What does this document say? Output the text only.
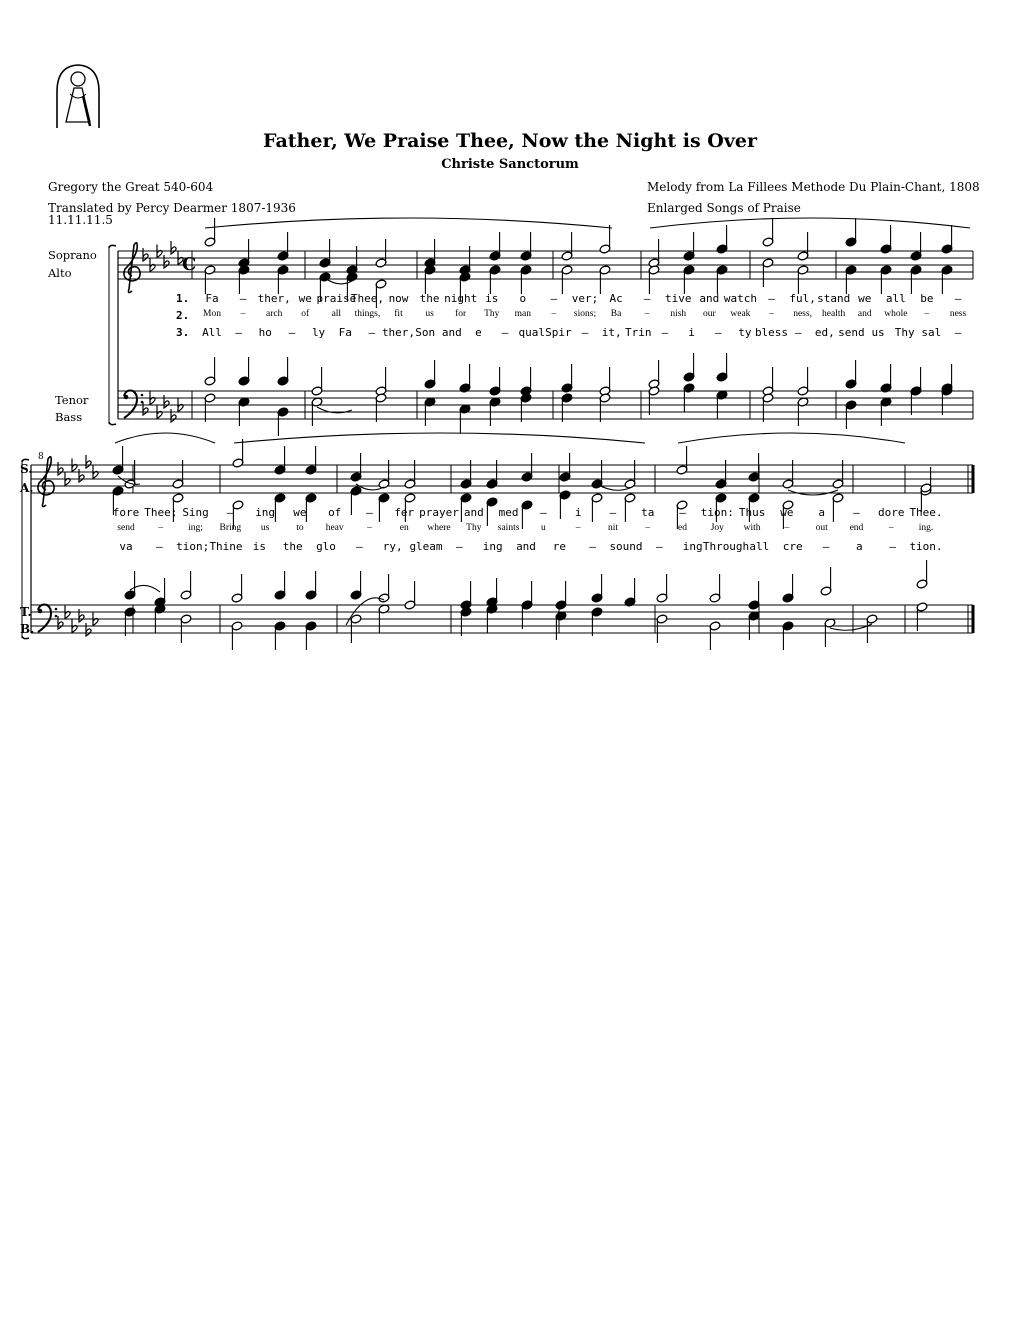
Father, We Praise Thee, Now the Night is Over
Christe Sanctorum
Gregory the Great 540-604
Translated by Percy Dearmer 1807-1936
11.11.11.5
Melody from La Fillees Methode Du Plain-Chant, 1808
Enlarged Songs of Praise
Soprano
Alto
Tenor
Bass
S.
A.
T.
B.
8
C
1.
2.
3.
Fa – ther, we praise
Thee, now the night is o – ver; Ac – tive and watch – ful, stand we all be –
Mon – arch of all things, fit us for Thy man – sions; Ba – nish our weak – ness, health and whole – ness
All – ho – ly Fa – ther, Son and e – qual Spir – it, Trin – i – ty bless – ed, send us Thy sal –
fore Thee; Sing – ing we of – fer prayer and med –	i	– ta – tion: Thus we a	– dore Thee.
send –	ing; Bring us	to heav –	en where Thy saints u	–	nit	–	ed Joy with	–	out end	–	ing.
va – tion; Thine is the glo – ry, gleam – ing and re – sound – ing Through all cre – a – tion.
